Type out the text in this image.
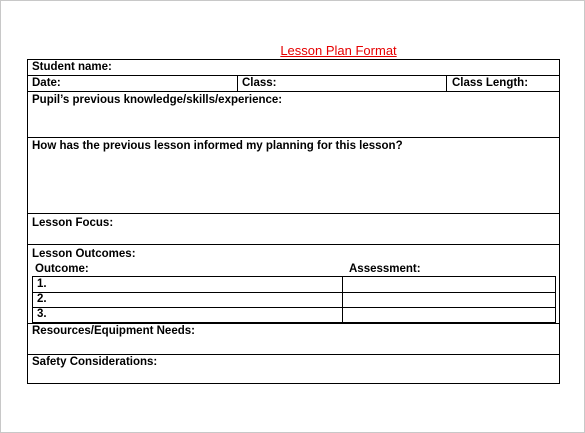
Lesson Plan Format
Student name:
Date:	Class:	Class Length:
Pupil’s previous knowledge/skills/experience:
How has the previous lesson informed my planning for this lesson?
Lesson Focus:
Lesson Outcomes:
Outcome:	Assessment:
1.
2.
3.
Resources/Equipment Needs:
Safety Considerations:
